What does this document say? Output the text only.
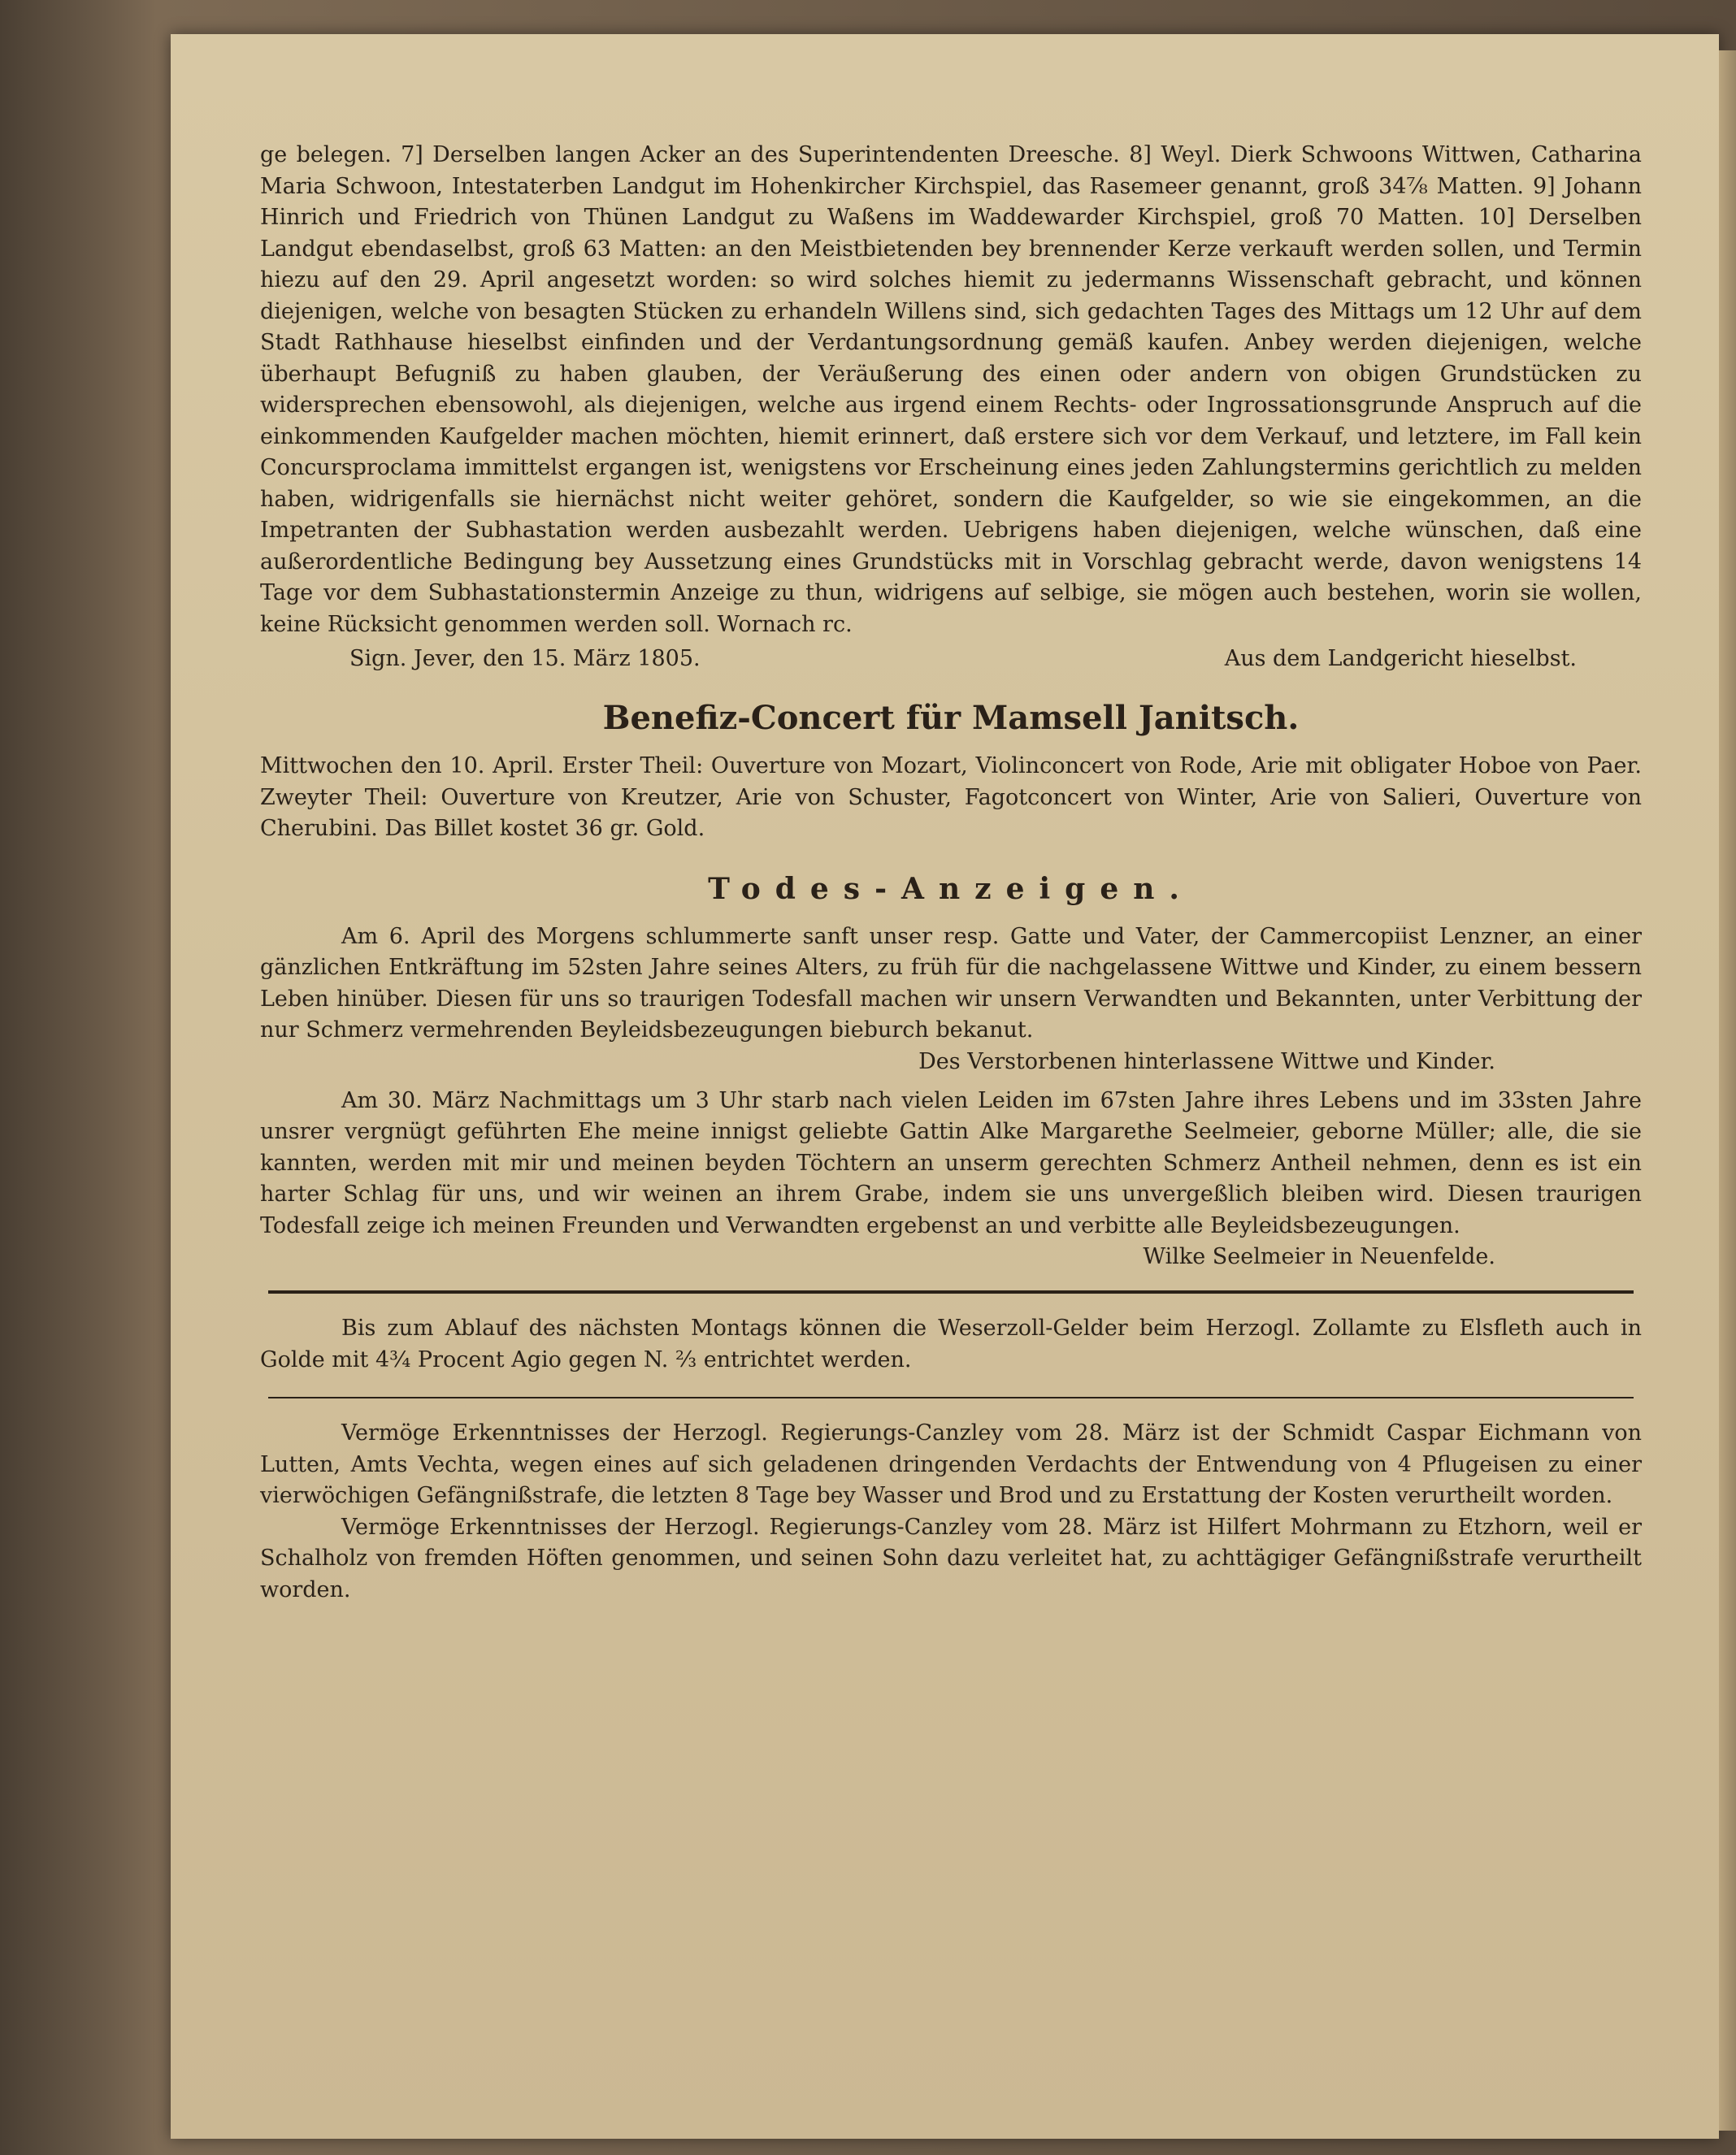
ge belegen. 7] Derselben langen Acker an des Superintendenten Dreesche. 8] Weyl. Dierk Schwoons Wittwen, Catharina Maria Schwoon, Intestaterben Landgut im Hohenkircher Kirchspiel, das Rasemeer genannt, groß 34⅞ Matten. 9] Johann Hinrich und Friedrich von Thünen Landgut zu Waßens im Waddewarder Kirchspiel, groß 70 Matten. 10] Derselben Landgut ebendaselbst, groß 63 Matten: an den Meistbietenden bey brennender Kerze verkauft werden sollen, und Termin hiezu auf den 29. April angesetzt worden: so wird solches hiemit zu jedermanns Wissenschaft gebracht, und können diejenigen, welche von besagten Stücken zu erhandeln Willens sind, sich gedachten Tages des Mittags um 12 Uhr auf dem Stadt Rathhause hieselbst einfinden und der Verdantungsordnung gemäß kaufen. Anbey werden diejenigen, welche überhaupt Befugniß zu haben glauben, der Veräußerung des einen oder andern von obigen Grundstücken zu widersprechen ebensowohl, als diejenigen, welche aus irgend einem Rechts- oder Ingrossationsgrunde Anspruch auf die einkommenden Kaufgelder machen möchten, hiemit erinnert, daß erstere sich vor dem Verkauf, und letztere, im Fall kein Concursproclama immittelst ergangen ist, wenigstens vor Erscheinung eines jeden Zahlungstermins gerichtlich zu melden haben, widrigenfalls sie hiernächst nicht weiter gehöret, sondern die Kaufgelder, so wie sie eingekommen, an die Impetranten der Subhastation werden ausbezahlt werden. Uebrigens haben diejenigen, welche wünschen, daß eine außerordentliche Bedingung bey Aussetzung eines Grundstücks mit in Vorschlag gebracht werde, davon wenigstens 14 Tage vor dem Subhastationstermin Anzeige zu thun, widrigens auf selbige, sie mögen auch bestehen, worin sie wollen, keine Rücksicht genommen werden soll. Wornach rc.

Sign. Jever, den 15. März 1805.	Aus dem Landgericht hieselbst.
Benefiz-Concert für Mamsell Janitsch.

Mittwochen den 10. April. Erster Theil: Ouverture von Mozart, Violinconcert von Rode, Arie mit obligater Hoboe von Paer. Zweyter Theil: Ouverture von Kreutzer, Arie von Schuster, Fagotconcert von Winter, Arie von Salieri, Ouverture von Cherubini. Das Billet kostet 36 gr. Gold.

Todes-Anzeigen.

Am 6. April des Morgens schlummerte sanft unser resp. Gatte und Vater, der Cammercopiist Lenzner, an einer gänzlichen Entkräftung im 52sten Jahre seines Alters, zu früh für die nachgelassene Wittwe und Kinder, zu einem bessern Leben hinüber. Diesen für uns so traurigen Todesfall machen wir unsern Verwandten und Bekannten, unter Verbittung der nur Schmerz vermehrenden Beyleidsbezeugungen bieburch bekanut.

Des Verstorbenen hinterlassene Wittwe und Kinder.

Am 30. März Nachmittags um 3 Uhr starb nach vielen Leiden im 67sten Jahre ihres Lebens und im 33sten Jahre unsrer vergnügt geführten Ehe meine innigst geliebte Gattin Alke Margarethe Seelmeier, geborne Müller; alle, die sie kannten, werden mit mir und meinen beyden Töchtern an unserm gerechten Schmerz Antheil nehmen, denn es ist ein harter Schlag für uns, und wir weinen an ihrem Grabe, indem sie uns unvergeßlich bleiben wird. Diesen traurigen Todesfall zeige ich meinen Freunden und Verwandten ergebenst an und verbitte alle Beyleidsbezeugungen.

Wilke Seelmeier in Neuenfelde.

Bis zum Ablauf des nächsten Montags können die Weserzoll-Gelder beim Herzogl. Zollamte zu Elsfleth auch in Golde mit 4¾ Procent Agio gegen N. ⅔ entrichtet werden.

Vermöge Erkenntnisses der Herzogl. Regierungs-Canzley vom 28. März ist der Schmidt Caspar Eichmann von Lutten, Amts Vechta, wegen eines auf sich geladenen dringenden Verdachts der Entwendung von 4 Pflugeisen zu einer vierwöchigen Gefängnißstrafe, die letzten 8 Tage bey Wasser und Brod und zu Erstattung der Kosten verurtheilt worden.

Vermöge Erkenntnisses der Herzogl. Regierungs-Canzley vom 28. März ist Hilfert Mohrmann zu Etzhorn, weil er Schalholz von fremden Höften genommen, und seinen Sohn dazu verleitet hat, zu achttägiger Gefängnißstrafe verurtheilt worden.
